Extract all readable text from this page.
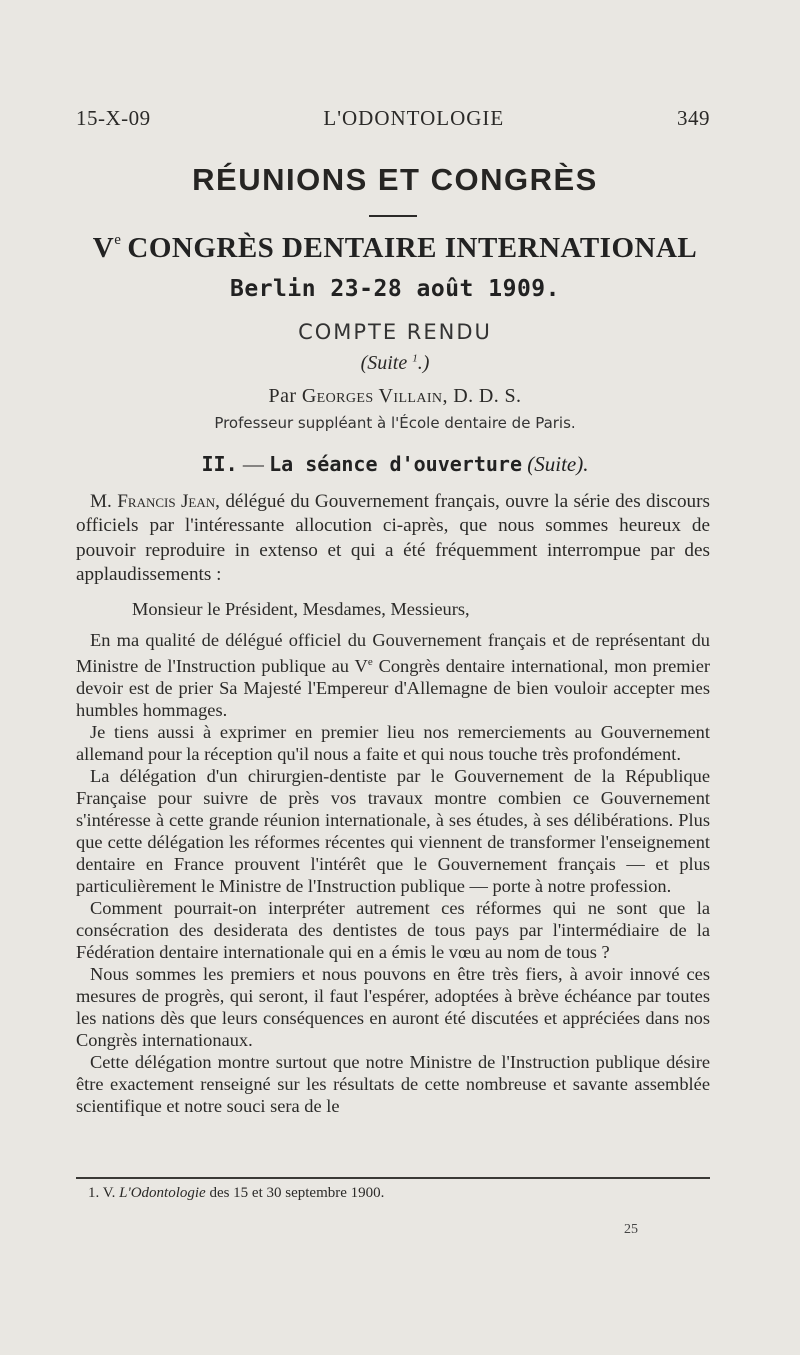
15-X-09	L'ODONTOLOGIE	349
RÉUNIONS ET CONGRÈS
Ve CONGRÈS DENTAIRE INTERNATIONAL
Berlin 23-28 août 1909.
COMPTE RENDU
(Suite $^1$.)
Par Georges Villain, D. D. S.
Professeur suppléant à l'École dentaire de Paris.
II. — La séance d'ouverture (Suite).

M. Francis Jean, délégué du Gouvernement français, ouvre la série des discours officiels par l'intéressante allocution ci-après, que nous sommes heureux de pouvoir reproduire in extenso et qui a été fréquemment interrompue par des applaudissements :

Monsieur le Président, Mesdames, Messieurs,

En ma qualité de délégué officiel du Gouvernement français et de représentant du Ministre de l'Instruction publique au Ve Congrès dentaire international, mon premier devoir est de prier Sa Majesté l'Empereur d'Allemagne de bien vouloir accepter mes humbles hommages.

Je tiens aussi à exprimer en premier lieu nos remerciements au Gouvernement allemand pour la réception qu'il nous a faite et qui nous touche très profondément.

La délégation d'un chirurgien-dentiste par le Gouvernement de la République Française pour suivre de près vos travaux montre combien ce Gouvernement s'intéresse à cette grande réunion internationale, à ses études, à ses délibérations. Plus que cette délégation les réformes récentes qui viennent de transformer l'enseignement dentaire en France prouvent l'intérêt que le Gouvernement français — et plus particulièrement le Ministre de l'Instruction publique — porte à notre profession.

Comment pourrait-on interpréter autrement ces réformes qui ne sont que la consécration des desiderata des dentistes de tous pays par l'intermédiaire de la Fédération dentaire internationale qui en a émis le vœu au nom de tous ?

Nous sommes les premiers et nous pouvons en être très fiers, à avoir innové ces mesures de progrès, qui seront, il faut l'espérer, adoptées à brève échéance par toutes les nations dès que leurs conséquences en auront été discutées et appréciées dans nos Congrès internationaux.

Cette délégation montre surtout que notre Ministre de l'Instruction publique désire être exactement renseigné sur les résultats de cette nombreuse et savante assemblée scientifique et notre souci sera de le

1. V. L'Odontologie des 15 et 30 septembre 1900.
25
